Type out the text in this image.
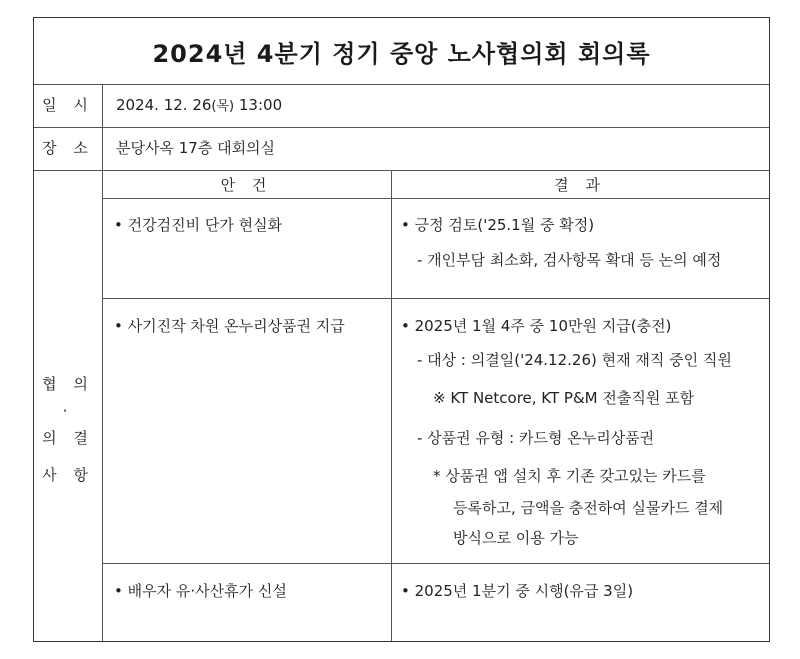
2024년 4분기 정기 중앙 노사협의회 회의록
일 시	2024. 12. 26(목) 13:00
장 소	분당사옥 17층 대회의실
협 의
·
의 결
사 항
안 건	결 과
• 건강검진비 단가 현실화	• 긍정 검토('25.1월 중 확정)
- 개인부담 최소화, 검사항목 확대 등 논의 예정
• 사기진작 차원 온누리상품권 지급	• 2025년 1월 4주 중 10만원 지급(충전)
- 대상 : 의결일('24.12.26) 현재 재직 중인 직원
※ KT Netcore, KT P&M 전출직원 포함
- 상품권 유형 : 카드형 온누리상품권
* 상품권 앱 설치 후 기존 갖고있는 카드를
등록하고, 금액을 충전하여 실물카드 결제
방식으로 이용 가능
• 배우자 유·사산휴가 신설	• 2025년 1분기 중 시행(유급 3일)
